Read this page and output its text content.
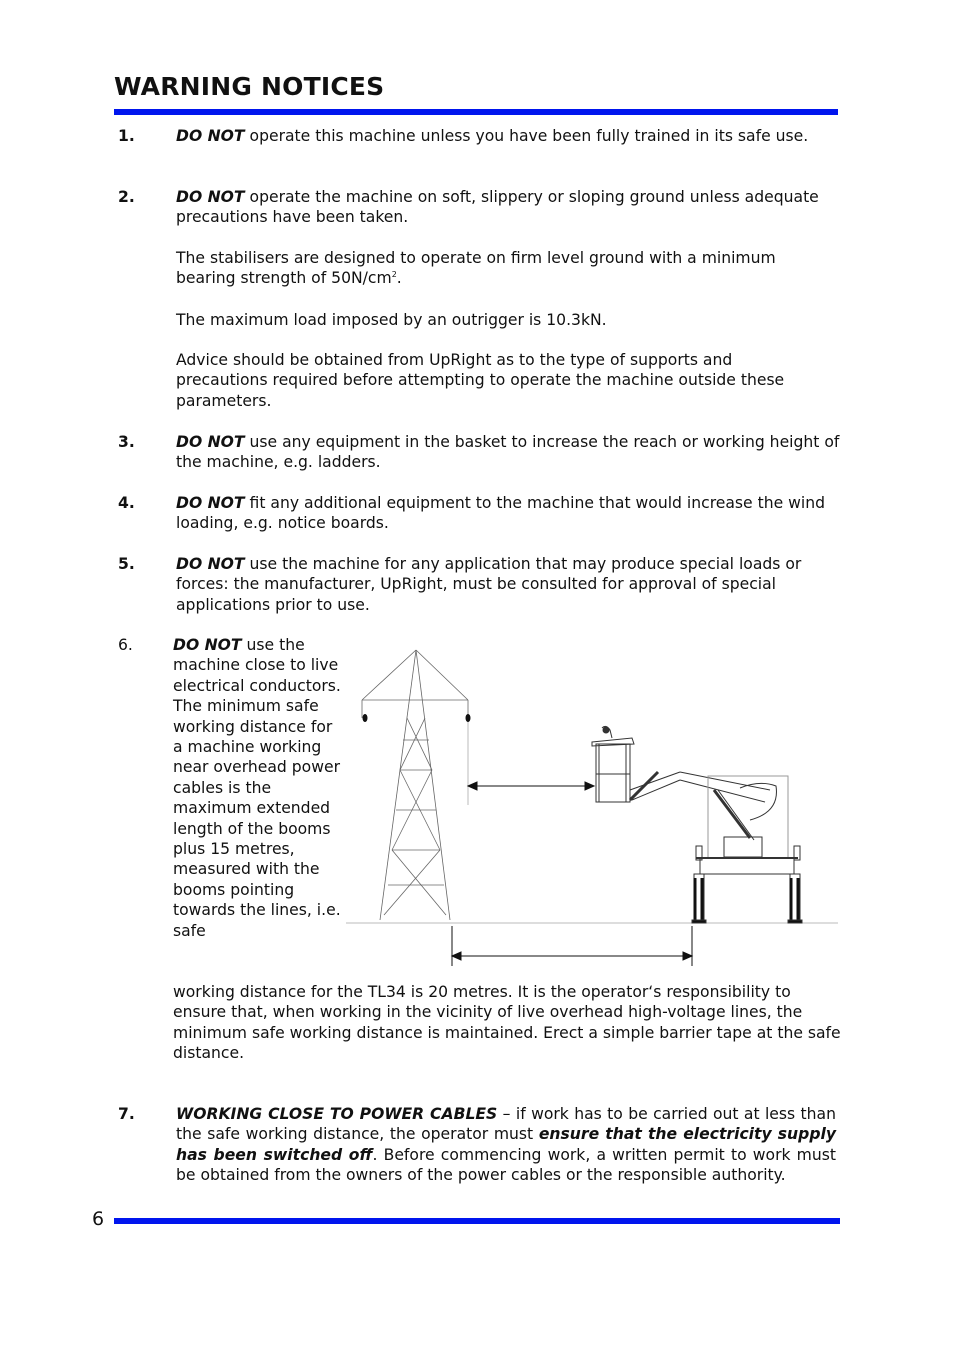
WARNING NOTICES
1.	DO NOT operate this machine unless you have been fully trained in its safe use.

2.	DO NOT operate the machine on soft, slippery or sloping ground unless adequate precautions have been taken.

The stabilisers are designed to operate on firm level ground with a minimum bearing strength of $50N/cm^2$.

The maximum load imposed by an outrigger is 10.3kN.

Advice should be obtained from UpRight as to the type of supports and precautions required before attempting to operate the machine outside these parameters.

3.	DO NOT use any equipment in the basket to increase the reach or working height of the machine, e.g. ladders.

4.	DO NOT fit any additional equipment to the machine that would increase the wind loading, e.g. notice boards.

5.	DO NOT use the machine for any application that may produce special loads or forces: the manufacturer, UpRight, must be consulted for approval of special applications prior to use.

6.	DO NOT use the machine close to live electrical conductors. The minimum safe working distance for a machine working near overhead power cables is the maximum extended length of the booms plus 15 metres, measured with the booms pointing towards the lines, i.e. safe

working distance for the TL34 is 20 metres. It is the operator‘s responsibility to ensure that, when working in the vicinity of live overhead high-voltage lines, the minimum safe working distance is maintained. Erect a simple barrier tape at the safe distance.

7.	WORKING CLOSE TO POWER CABLES – if work has to be carried out at less than the safe working distance, the operator must ensure that the electricity supply has been switched off. Before commencing work, a written permit to work must be obtained from the owners of the power cables or the responsible authority.

6
